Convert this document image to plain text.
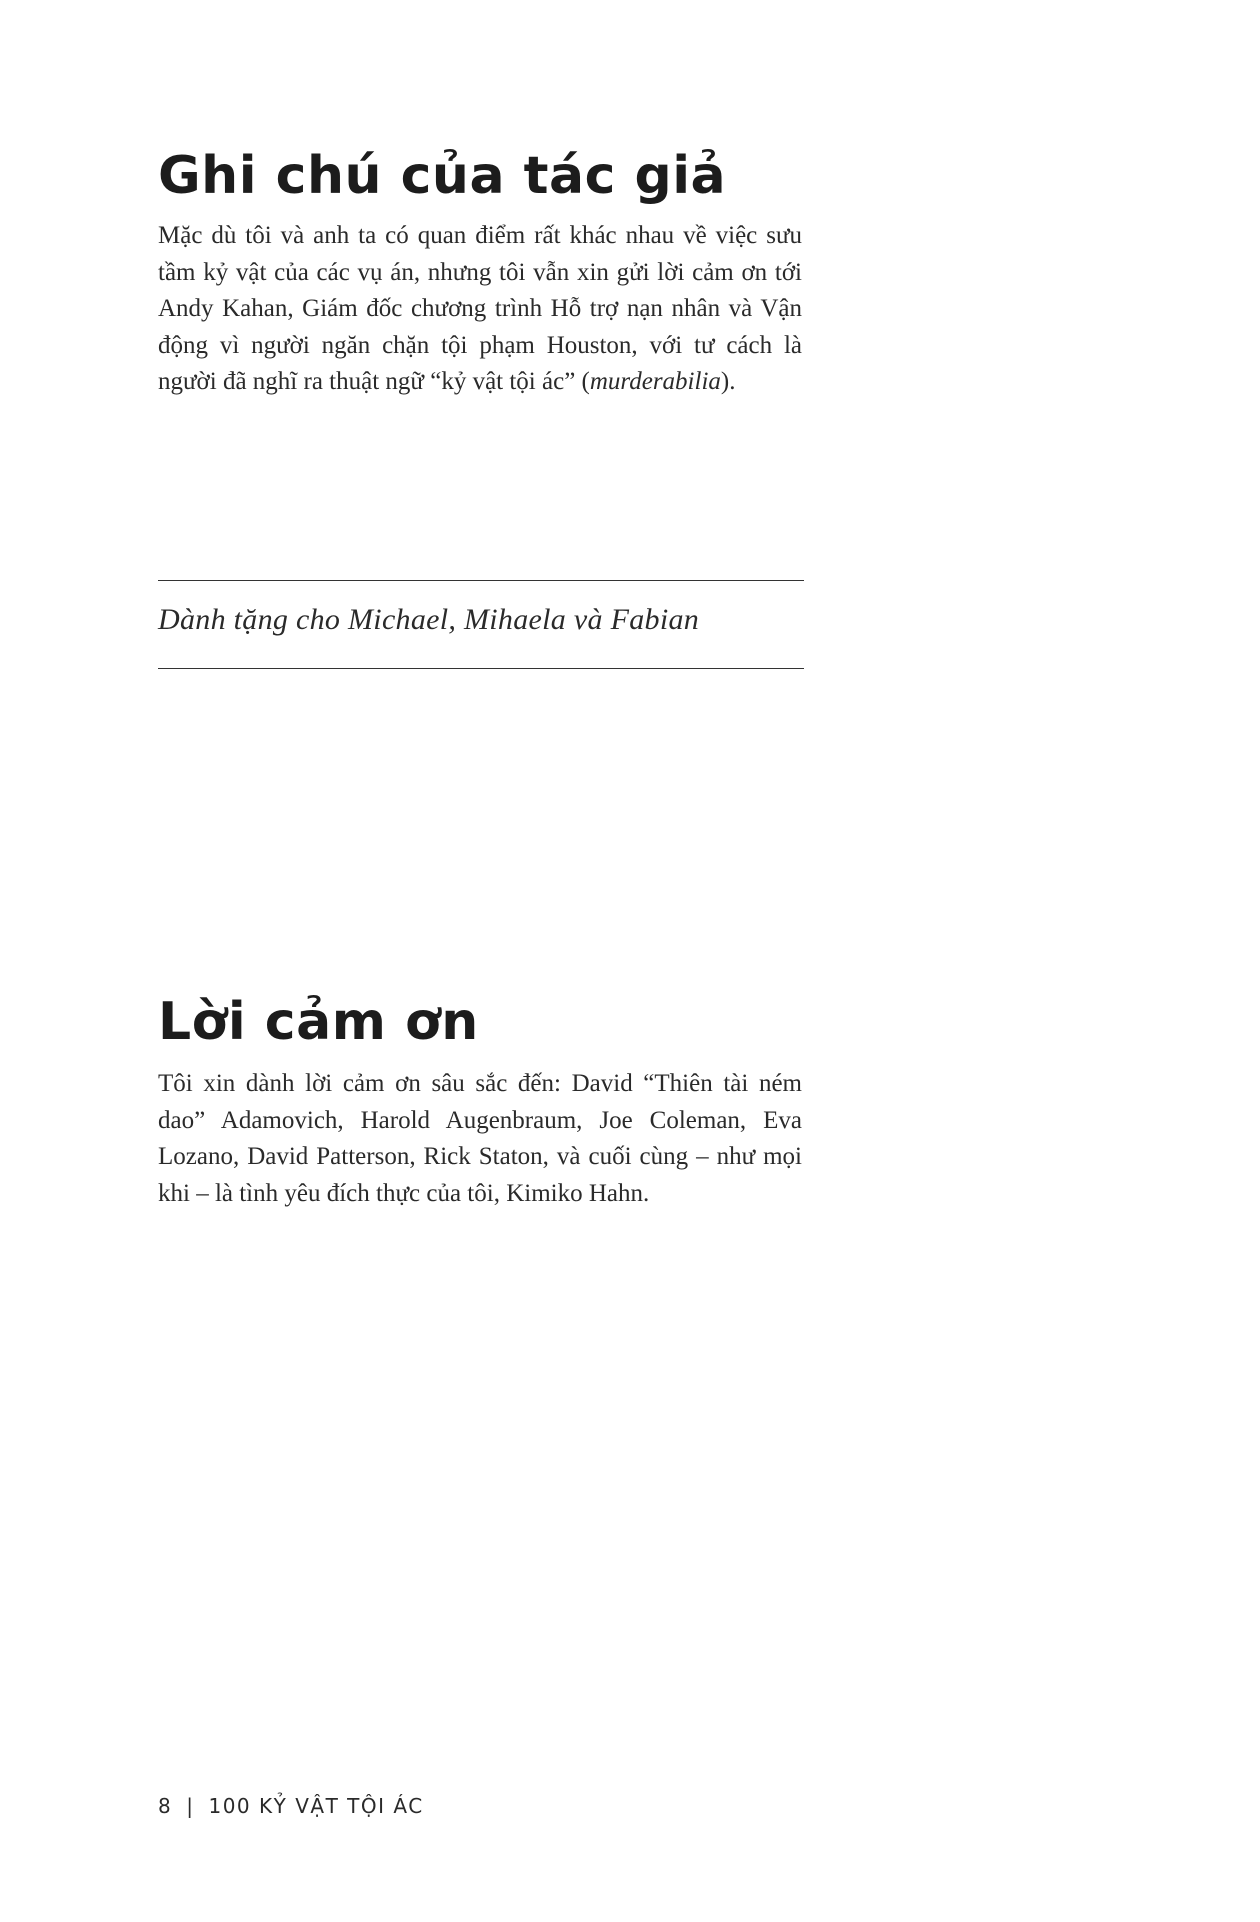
Ghi chú của tác giả

Mặc dù tôi và anh ta có quan điểm rất khác nhau về việc sưu tầm kỷ vật của các vụ án, nhưng tôi vẫn xin gửi lời cảm ơn tới Andy Kahan, Giám đốc chương trình Hỗ trợ nạn nhân và Vận động vì người ngăn chặn tội phạm Houston, với tư cách là người đã nghĩ ra thuật ngữ “kỷ vật tội ác” (murderabilia).

Dành tặng cho Michael, Mihaela và Fabian

Lời cảm ơn

Tôi xin dành lời cảm ơn sâu sắc đến: David “Thiên tài ném dao” Adamovich, Harold Augenbraum, Joe Coleman, Eva Lozano, David Patterson, Rick Staton, và cuối cùng – như mọi khi – là tình yêu đích thực của tôi, Kimiko Hahn.

8 | 100 KỶ VẬT TỘI ÁC
